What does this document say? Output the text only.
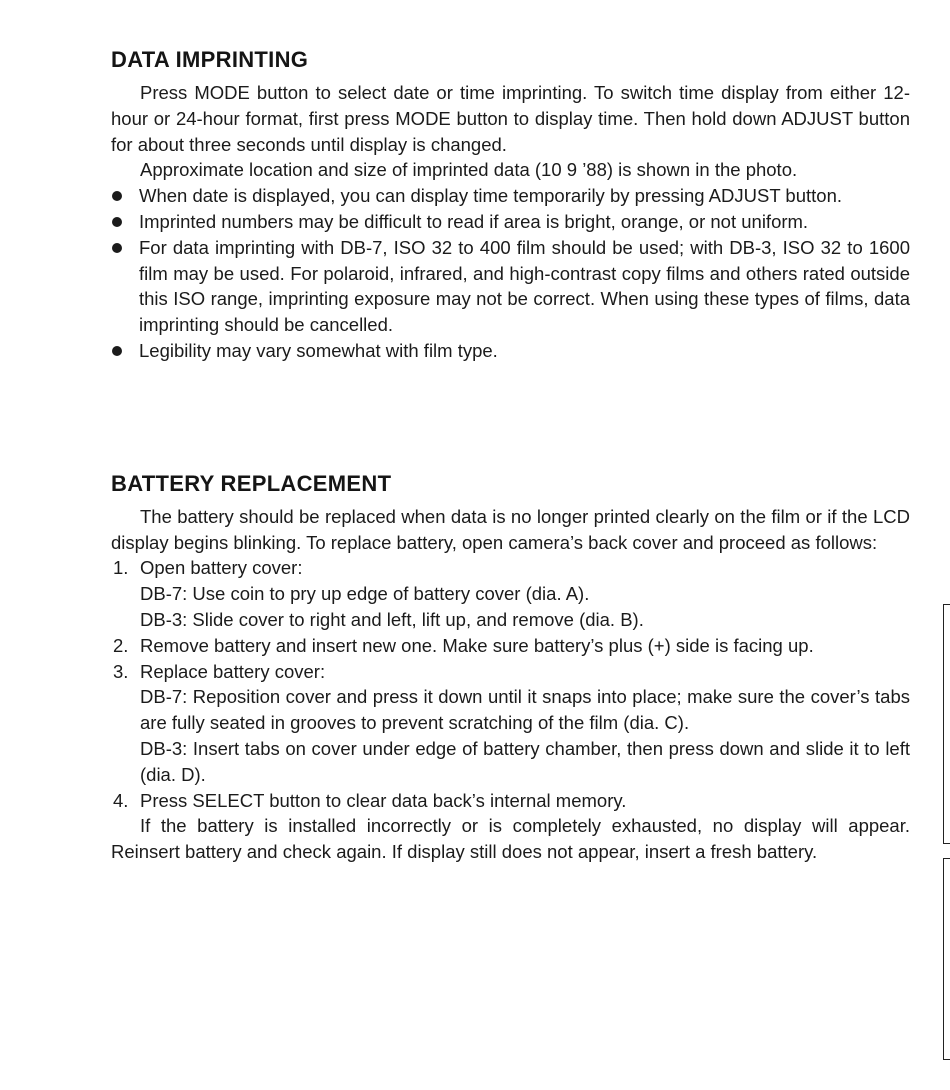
DATA IMPRINTING

Press MODE button to select date or time imprinting. To switch time display from either 12-hour or 24-hour format, first press MODE button to display time. Then hold down ADJUST button for about three seconds until display is changed.

Approximate location and size of imprinted data (10 9 ’88) is shown in the photo.

When date is displayed, you can display time temporarily by pressing ADJUST button.
Imprinted numbers may be difficult to read if area is bright, orange, or not uniform.
For data imprinting with DB-7, ISO 32 to 400 film should be used; with DB-3, ISO 32 to 1600 film may be used. For polaroid, infrared, and high-contrast copy films and others rated outside this ISO range, imprinting exposure may not be correct. When using these types of films, data imprinting should be cancelled.
Legibility may vary somewhat with film type.
BATTERY REPLACEMENT

The battery should be replaced when data is no longer printed clearly on the film or if the LCD display begins blinking. To replace battery, open camera’s back cover and proceed as follows:

1. Open battery cover:
DB-7: Use coin to pry up edge of battery cover (dia. A).
DB-3: Slide cover to right and left, lift up, and remove (dia. B).
2. Remove battery and insert new one. Make sure battery’s plus (+) side is facing up.
3. Replace battery cover:
DB-7: Reposition cover and press it down until it snaps into place; make sure the cover’s tabs are fully seated in grooves to prevent scratching of the film (dia. C).
DB-3: Insert tabs on cover under edge of battery chamber, then press down and slide it to left (dia. D).
4. Press SELECT button to clear data back’s internal memory.

If the battery is installed incorrectly or is completely exhausted, no display will appear. Reinsert battery and check again. If display still does not appear, insert a fresh battery.
